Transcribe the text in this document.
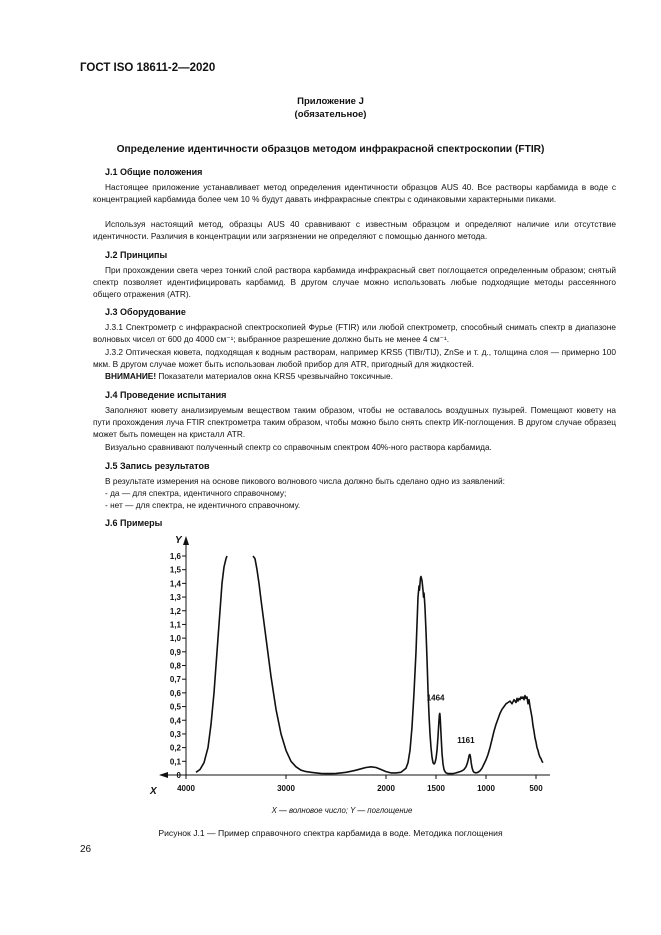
ГОСТ ISO 18611-2—2020
Приложение J
(обязательное)
Определение идентичности образцов методом инфракрасной спектроскопии (FTIR)
J.1 Общие положения

Настоящее приложение устанавливает метод определения идентичности образцов AUS 40. Все растворы карбамида в воде с концентрацией карбамида более чем 10 % будут давать инфракрасные спектры с одинаковыми характерными пиками.

Используя настоящий метод, образцы AUS 40 сравнивают с известным образцом и определяют наличие или отсутствие идентичности. Различия в концентрации или загрязнении не определяют с помощью данного метода.

J.2 Принципы

При прохождении света через тонкий слой раствора карбамида инфракрасный свет поглощается определенным образом; снятый спектр позволяет идентифицировать карбамид. В другом случае можно использовать любые подходящие методы рассеянного общего отражения (ATR).

J.3 Оборудование

J.3.1 Спектрометр с инфракрасной спектроскопией Фурье (FTIR) или любой спектрометр, способный снимать спектр в диапазоне волновых чисел от 600 до 4000 см⁻¹; выбранное разрешение должно быть не менее 4 см⁻¹.

J.3.2 Оптическая кювета, подходящая к водным растворам, например KRS5 (TlBr/TlJ), ZnSe и т. д., толщина слоя — примерно 100 мкм. В другом случае может быть использован любой прибор для ATR, пригодный для жидкостей.

ВНИМАНИЕ! Показатели материалов окна KRS5 чрезвычайно токсичные.

J.4 Проведение испытания

Заполняют кювету анализируемым веществом таким образом, чтобы не оставалось воздушных пузырей. Помещают кювету на пути прохождения луча FTIR спектрометра таким образом, чтобы можно было снять спектр ИК-поглощения. В другом случае образец может быть помещен на кристалл ATR.

Визуально сравнивают полученный спектр со справочным спектром 40%-ного раствора карбамида.

J.5 Запись результатов

В результате измерения на основе пикового волнового числа должно быть сделано одно из заявлений:

- да — для спектра, идентичного справочному;

- нет — для спектра, не идентичного справочному.

J.6 Примеры
0
0,1
0,2
0,3
0,4
0,5
0,6
0,7
0,8
0,9
1,0
1,1
1,2
1,3
1,4
1,5
1,6
4000	3000	2000	1500	1000	500
1464
1161
Y
X
X — волновое число; Y — поглощение
Рисунок J.1 — Пример справочного спектра карбамида в воде. Методика поглощения
26
